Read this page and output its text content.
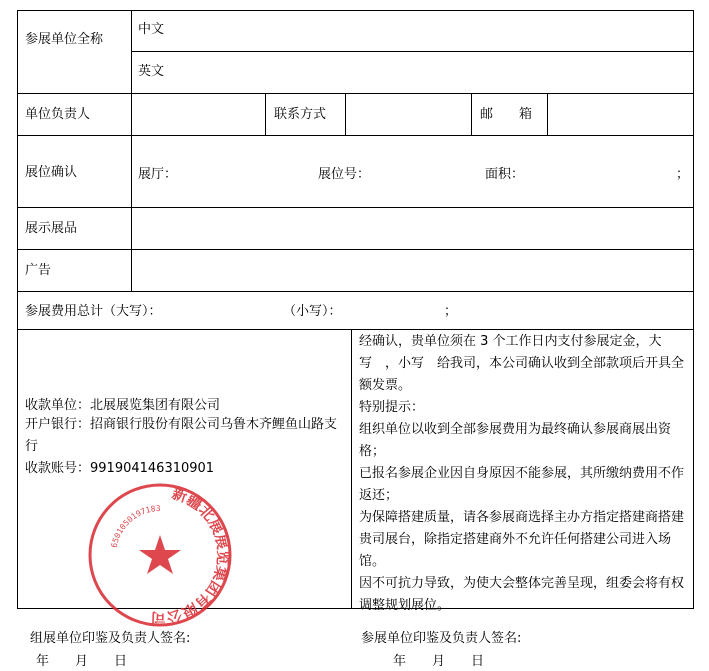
参展单位全称
中文
英文
单位负责人	联系方式	邮　　箱
展位确认	展厅：	展位号：	面积：	；
展示展品
广告
参展费用总计（大写）：	（小写）：	；
收款单位：北展展览集团有限公司
开户银行：招商银行股份有限公司乌鲁木齐鲤鱼山路支行
收款账号：991904146310901
经确认，贵单位须在 3 个工作日内支付参展定金，大写　，小写　给我司，本公司确认收到全部款项后开具全额发票。
特别提示：
组织单位以收到全部参展费用为最终确认参展商展出资格；
已报名参展企业因自身原因不能参展，其所缴纳费用不作返还；
为保障搭建质量，请各参展商选择主办方指定搭建商搭建贵司展台，除指定搭建商外不允许任何搭建公司进入场馆。
因不可抗力导致，为使大会整体完善呈现，组委会将有权调整规划展位。
新疆北展展览集团有限公司
6501050197183
组展单位印鉴及负责人签名:
年　　月　　日
参展单位印鉴及负责人签名:
年　　月　　日
